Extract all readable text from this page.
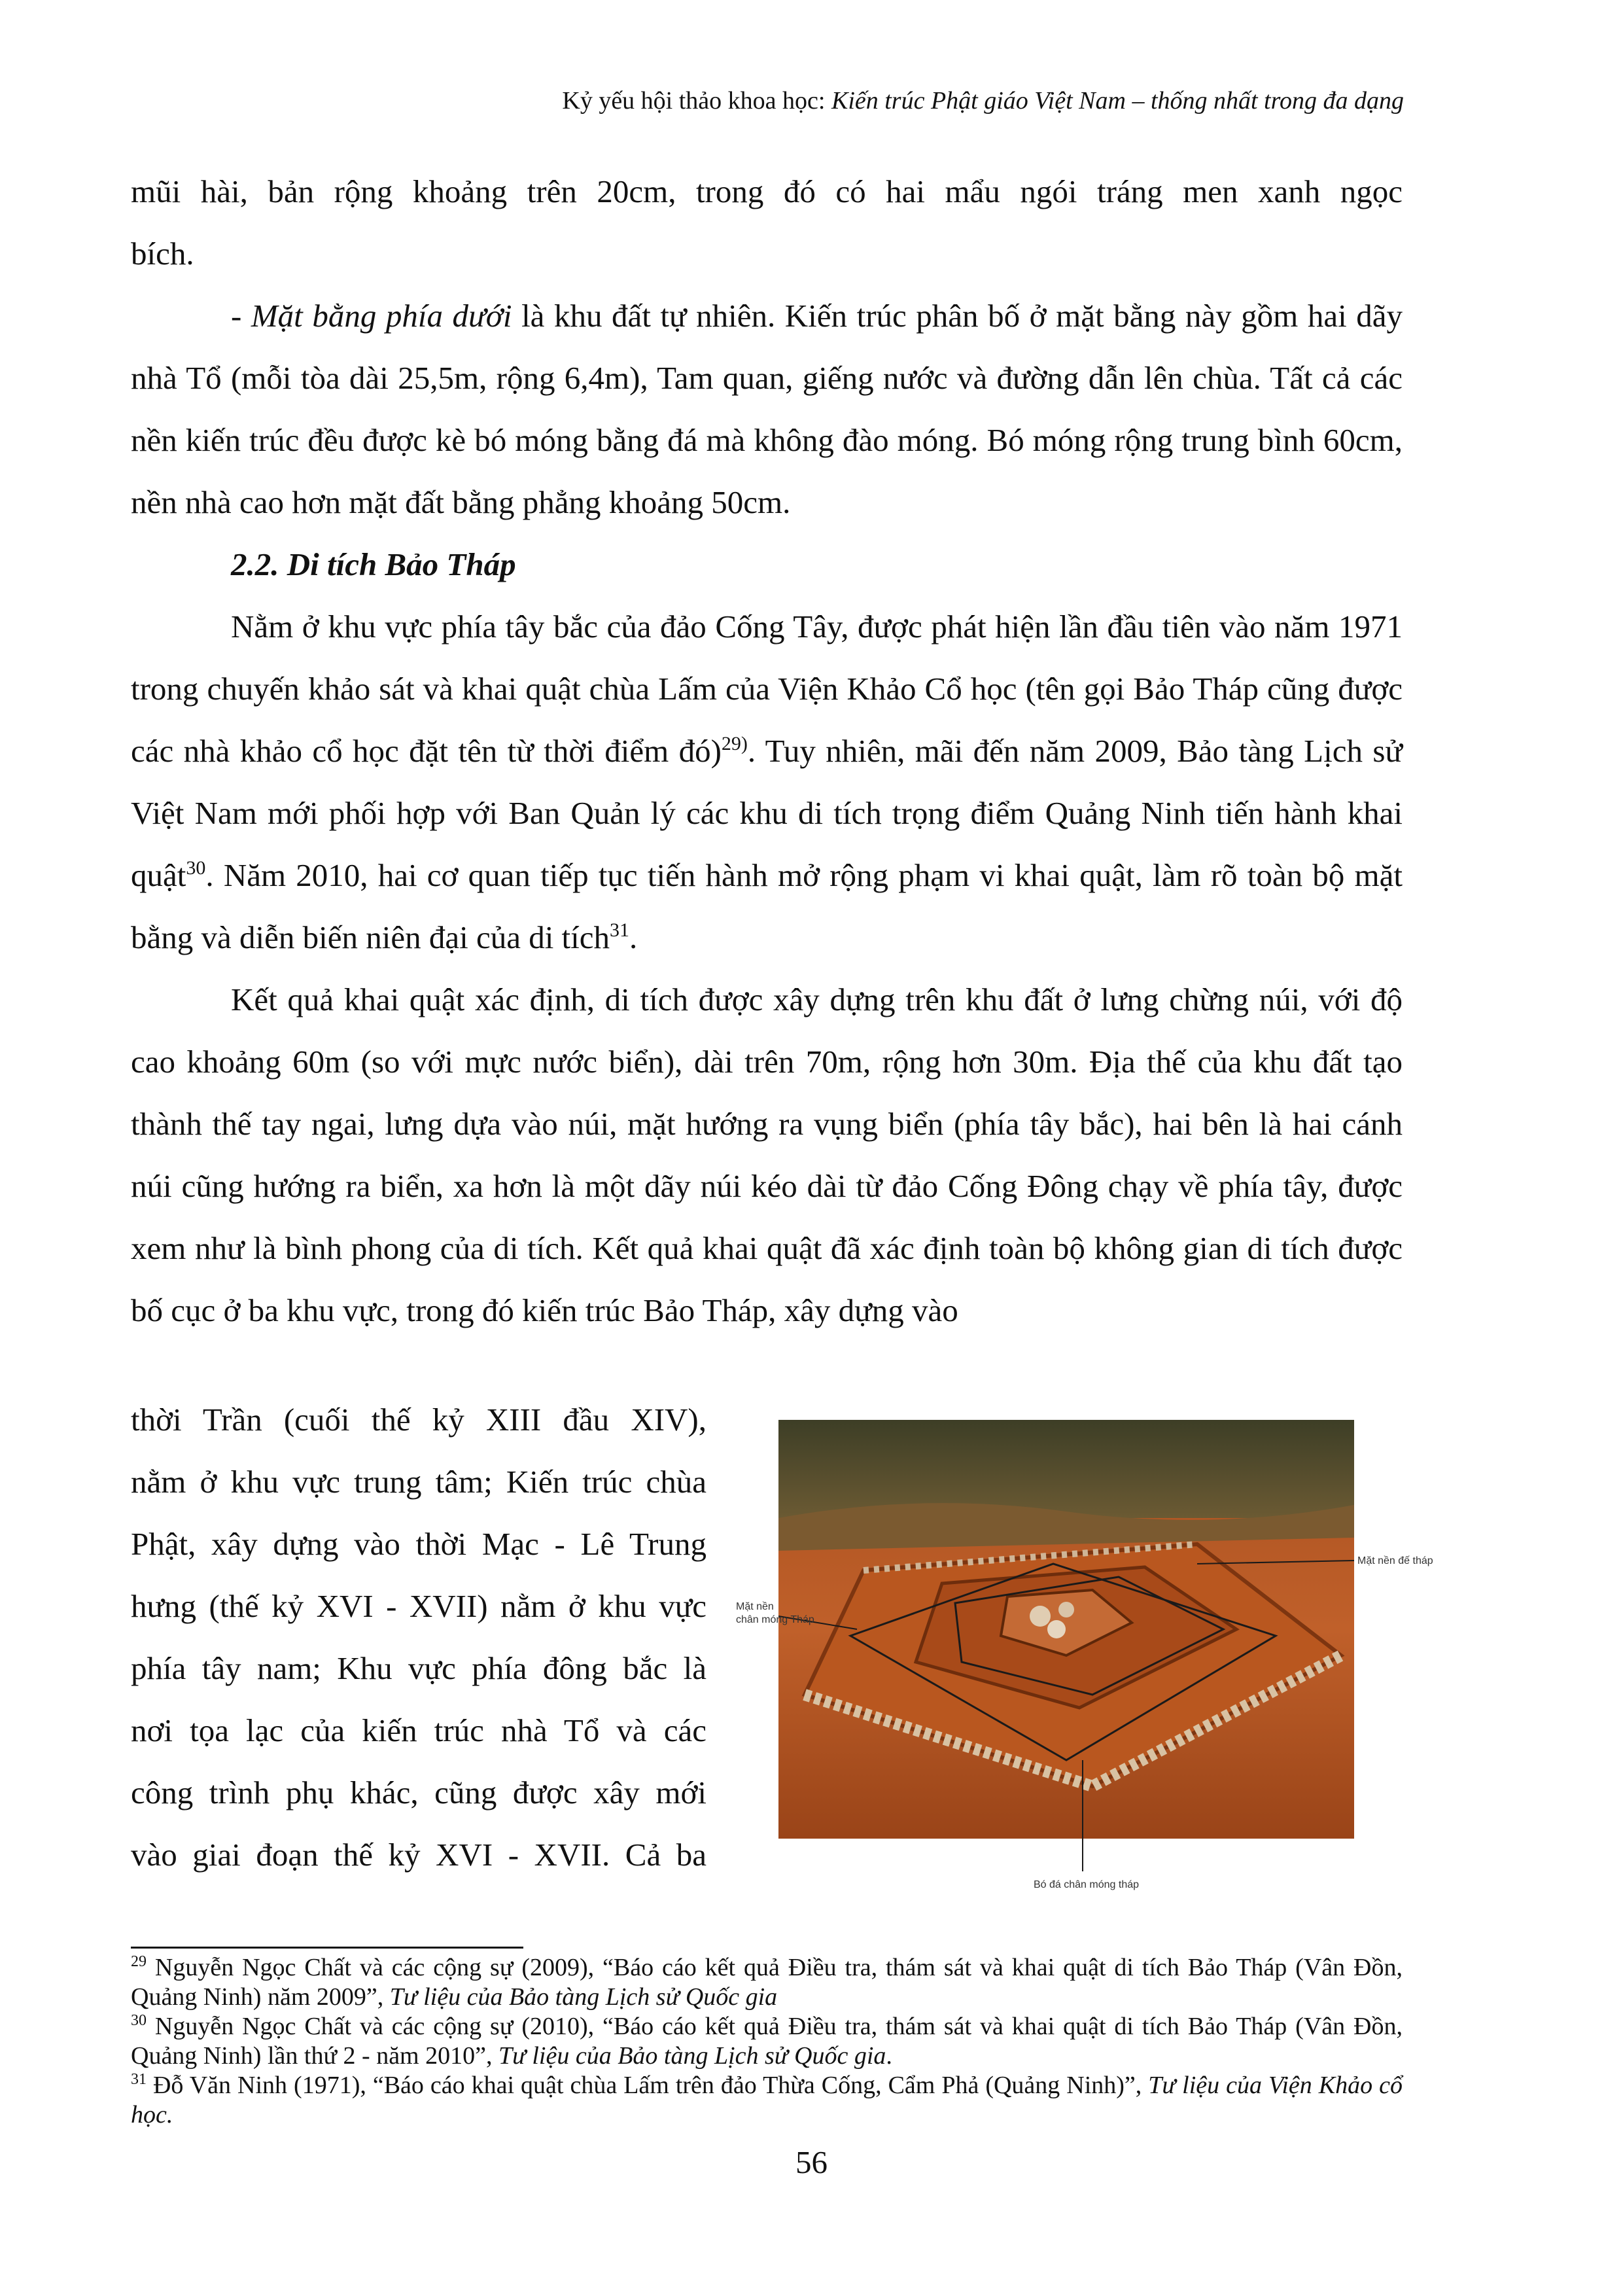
Kỷ yếu hội thảo khoa học: Kiến trúc Phật giáo Việt Nam – thống nhất trong đa dạng

mũi hài, bản rộng khoảng trên 20cm, trong đó có hai mẩu ngói tráng men xanh ngọc
bích.

- Mặt bằng phía dưới là khu đất tự nhiên. Kiến trúc phân bố ở mặt bằng này gồm hai dãy nhà Tổ (mỗi tòa dài 25,5m, rộng 6,4m), Tam quan, giếng nước và đường dẫn lên chùa. Tất cả các nền kiến trúc đều được kè bó móng bằng đá mà không đào móng. Bó móng rộng trung bình 60cm, nền nhà cao hơn mặt đất bằng phẳng khoảng 50cm.

2.2. Di tích Bảo Tháp

Nằm ở khu vực phía tây bắc của đảo Cống Tây, được phát hiện lần đầu tiên vào năm 1971 trong chuyến khảo sát và khai quật chùa Lấm của Viện Khảo Cổ học (tên gọi Bảo Tháp cũng được các nhà khảo cổ học đặt tên từ thời điểm đó)$^{29)}$. Tuy nhiên, mãi đến năm 2009, Bảo tàng Lịch sử Việt Nam mới phối hợp với Ban Quản lý các khu di tích trọng điểm Quảng Ninh tiến hành khai quật$^{30}$. Năm 2010, hai cơ quan tiếp tục tiến hành mở rộng phạm vi khai quật, làm rõ toàn bộ mặt bằng và diễn biến niên đại của di tích$^{31}$.

Kết quả khai quật xác định, di tích được xây dựng trên khu đất ở lưng chừng núi, với độ cao khoảng 60m (so với mực nước biển), dài trên 70m, rộng hơn 30m. Địa thế của khu đất tạo thành thế tay ngai, lưng dựa vào núi, mặt hướng ra vụng biển (phía tây bắc), hai bên là hai cánh núi cũng hướng ra biển, xa hơn là một dãy núi kéo dài từ đảo Cống Đông chạy về phía tây, được xem như là bình phong của di tích. Kết quả khai quật đã xác định toàn bộ không gian di tích được bố cục ở ba khu vực, trong đó kiến trúc Bảo Tháp, xây dựng vào

thời Trần (cuối thế kỷ XIII đầu XIV),
nằm ở khu vực trung tâm; Kiến trúc chùa
Phật, xây dựng vào thời Mạc - Lê Trung
hưng (thế kỷ XVI - XVII) nằm ở khu vực
phía tây nam; Khu vực phía đông bắc là
nơi tọa lạc của kiến trúc nhà Tổ và các
công trình phụ khác, cũng được xây mới
vào giai đoạn thế kỷ XVI - XVII. Cả ba
Mặt nền
chân móng Tháp
Mặt nền đế tháp
Bó đá chân móng tháp

$^{29}$ Nguyễn Ngọc Chất và các cộng sự (2009), “Báo cáo kết quả Điều tra, thám sát và khai quật di tích Bảo Tháp (Vân Đồn, Quảng Ninh) năm 2009”, Tư liệu của Bảo tàng Lịch sử Quốc gia

$^{30}$ Nguyễn Ngọc Chất và các cộng sự (2010), “Báo cáo kết quả Điều tra, thám sát và khai quật di tích Bảo Tháp (Vân Đồn, Quảng Ninh) lần thứ 2 - năm 2010”, Tư liệu của Bảo tàng Lịch sử Quốc gia.

$^{31}$ Đỗ Văn Ninh (1971), “Báo cáo khai quật chùa Lấm trên đảo Thừa Cống, Cẩm Phả (Quảng Ninh)”, Tư liệu của Viện Khảo cổ học.

56
